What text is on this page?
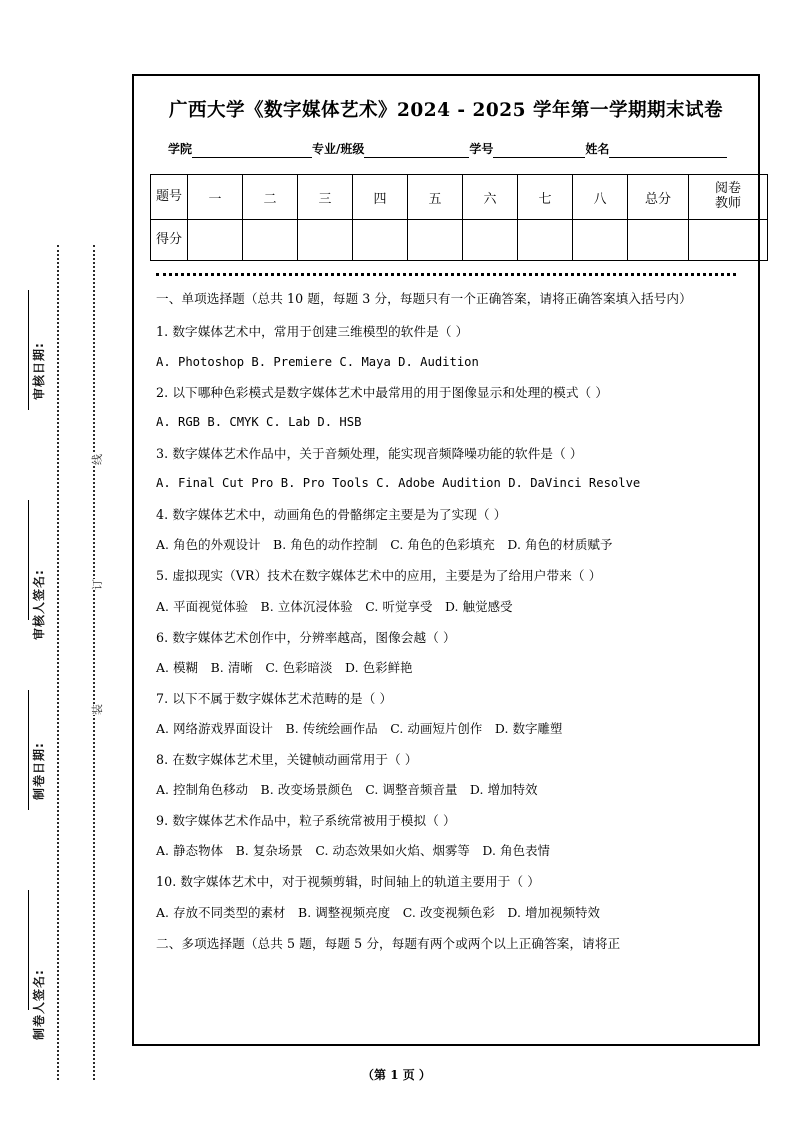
审核日期:
审核人签名:
制卷日期:
制卷人签名:
线
订
装
广西大学《数字媒体艺术》2024 - 2025 学年第一学期期末试卷
学院	专业/班级	学号	姓名
题号	一	二	三	四	五	六	七	八	总分	阅卷
教师

得分										

一、单项选择题（总共 10 题，每题 3 分，每题只有一个正确答案，请将正确答案填入括号内）
1. 数字媒体艺术中，常用于创建三维模型的软件是（ ）
A. Photoshop B. Premiere C. Maya D. Audition
2. 以下哪种色彩模式是数字媒体艺术中最常用的用于图像显示和处理的模式（ ）
A. RGB B. CMYK C. Lab D. HSB
3. 数字媒体艺术作品中，关于音频处理，能实现音频降噪功能的软件是（ ）
A. Final Cut Pro B. Pro Tools C. Adobe Audition D. DaVinci Resolve
4. 数字媒体艺术中，动画角色的骨骼绑定主要是为了实现（ ）
A. 角色的外观设计　B. 角色的动作控制　C. 角色的色彩填充　D. 角色的材质赋予
5. 虚拟现实（VR）技术在数字媒体艺术中的应用，主要是为了给用户带来（ ）
A. 平面视觉体验　B. 立体沉浸体验　C. 听觉享受　D. 触觉感受
6. 数字媒体艺术创作中，分辨率越高，图像会越（ ）
A. 模糊　B. 清晰　C. 色彩暗淡　D. 色彩鲜艳
7. 以下不属于数字媒体艺术范畴的是（ ）
A. 网络游戏界面设计　B. 传统绘画作品　C. 动画短片创作　D. 数字雕塑
8. 在数字媒体艺术里，关键帧动画常用于（ ）
A. 控制角色移动　B. 改变场景颜色　C. 调整音频音量　D. 增加特效
9. 数字媒体艺术作品中，粒子系统常被用于模拟（ ）
A. 静态物体　B. 复杂场景　C. 动态效果如火焰、烟雾等　D. 角色表情
10. 数字媒体艺术中，对于视频剪辑，时间轴上的轨道主要用于（ ）
A. 存放不同类型的素材　B. 调整视频亮度　C. 改变视频色彩　D. 增加视频特效
二、多项选择题（总共 5 题，每题 5 分，每题有两个或两个以上正确答案，请将正
（第 1 页 ）
